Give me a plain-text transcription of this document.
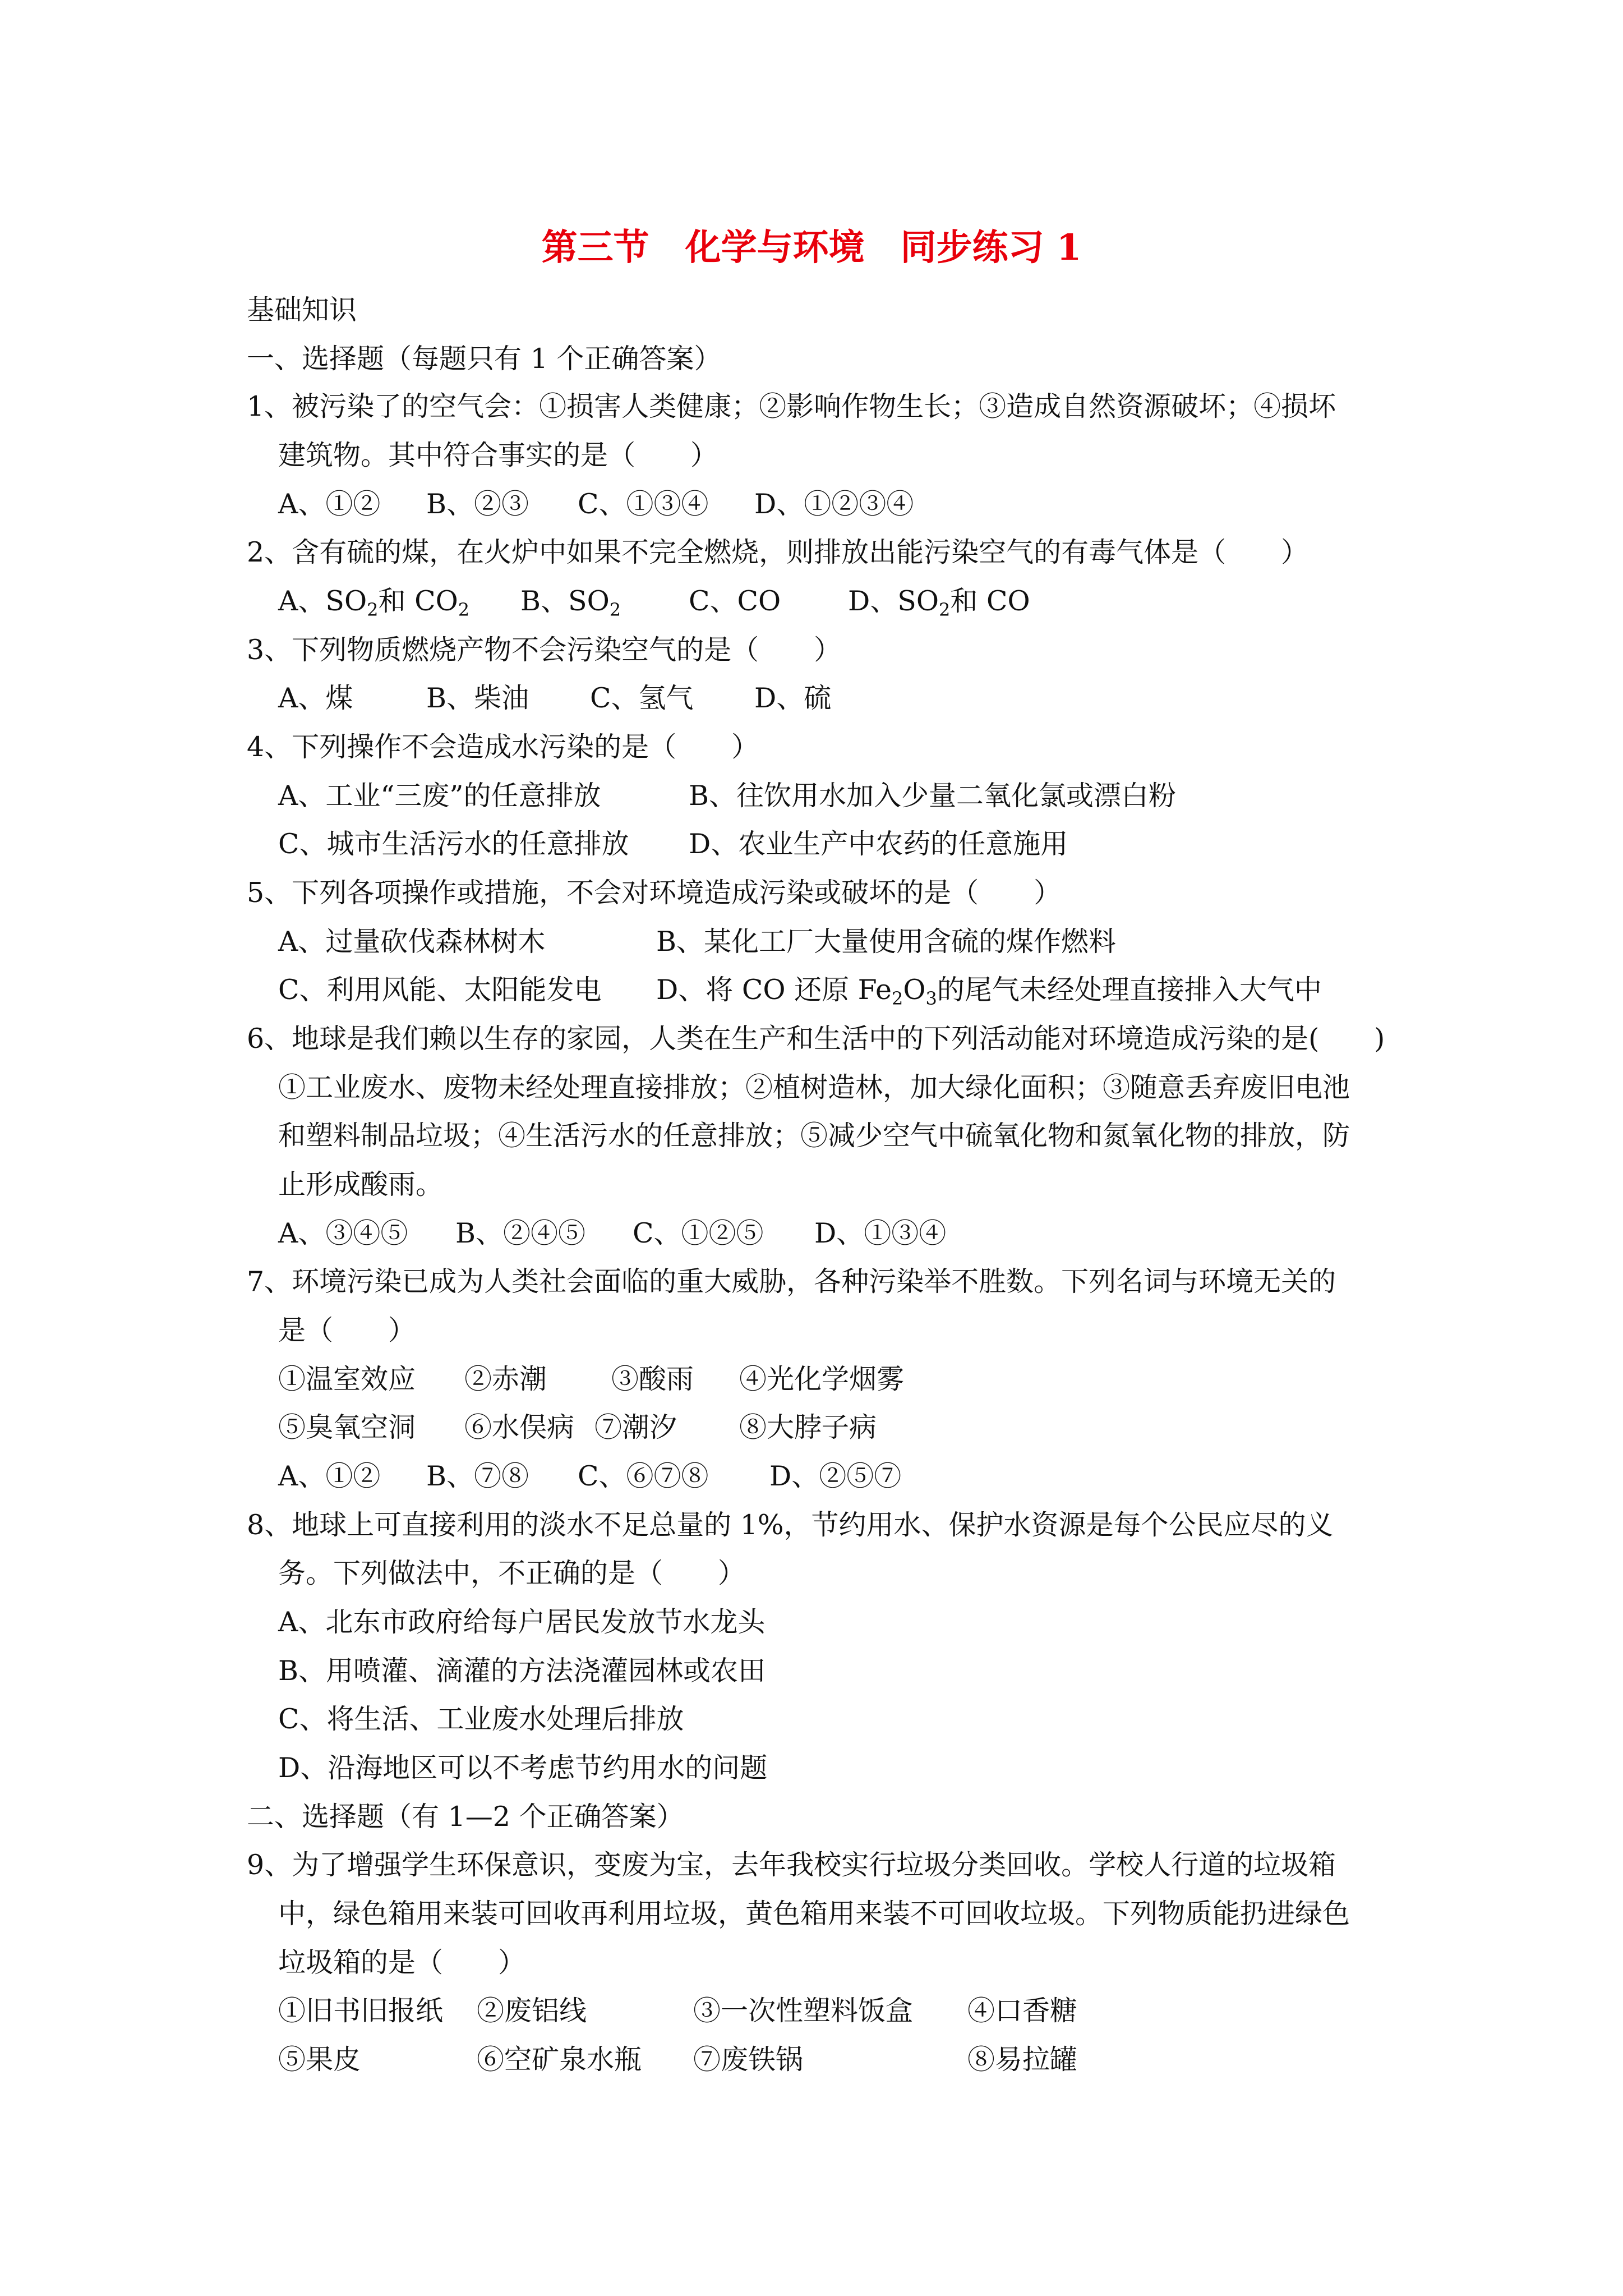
第三节　化学与环境　同步练习 1
基础知识
一、选择题（每题只有 1 个正确答案）
1、被污染了的空气会：①损害人类健康；②影响作物生长；③造成自然资源破坏；④损坏
建筑物。其中符合事实的是（　　）
A、①② B、②③ C、①③④ D、①②③④
2、含有硫的煤，在火炉中如果不完全燃烧，则排放出能污染空气的有毒气体是（　　）
A、$SO_2$和 $CO_2$ B、$SO_2$ C、CO D、$SO_2$和 CO
3、下列物质燃烧产物不会污染空气的是（　　）
A、煤	B、柴油 C、氢气 D、硫
4、下列操作不会造成水污染的是（　　）
A、工业“三废”的任意排放	B、往饮用水加入少量二氧化氯或漂白粉
C、城市生活污水的任意排放 D、农业生产中农药的任意施用
5、下列各项操作或措施，不会对环境造成污染或破坏的是（　　）
A、过量砍伐森林树木	B、某化工厂大量使用含硫的煤作燃料
C、利用风能、太阳能发电 D、将 CO 还原 $Fe_2O_3$的尾气未经处理直接排入大气中
6、地球是我们赖以生存的家园，人类在生产和生活中的下列活动能对环境造成污染的是(　　)
①工业废水、废物未经处理直接排放；②植树造林，加大绿化面积；③随意丢弃废旧电池
和塑料制品垃圾；④生活污水的任意排放；⑤减少空气中硫氧化物和氮氧化物的排放，防
止形成酸雨。
A、③④⑤ B、②④⑤ C、①②⑤ D、①③④
7、环境污染已成为人类社会面临的重大威胁，各种污染举不胜数。下列名词与环境无关的
是（　　）
①温室效应 ②赤潮 ③酸雨 ④光化学烟雾
⑤臭氧空洞 ⑥水俣病 ⑦潮汐 ⑧大脖子病
A、①② B、⑦⑧ C、⑥⑦⑧ D、②⑤⑦
8、地球上可直接利用的淡水不足总量的 1%，节约用水、保护水资源是每个公民应尽的义
务。下列做法中，不正确的是（　　）
A、北东市政府给每户居民发放节水龙头
B、用喷灌、滴灌的方法浇灌园林或农田
C、将生活、工业废水处理后排放
D、沿海地区可以不考虑节约用水的问题
二、选择题（有 1—2 个正确答案）
9、为了增强学生环保意识，变废为宝，去年我校实行垃圾分类回收。学校人行道的垃圾箱
中，绿色箱用来装可回收再利用垃圾，黄色箱用来装不可回收垃圾。下列物质能扔进绿色
垃圾箱的是（　　）
①旧书旧报纸 ②废铝线	③一次性塑料饭盒 ④口香糖
⑤果皮	⑥空矿泉水瓶 ⑦废铁锅	⑧易拉罐
